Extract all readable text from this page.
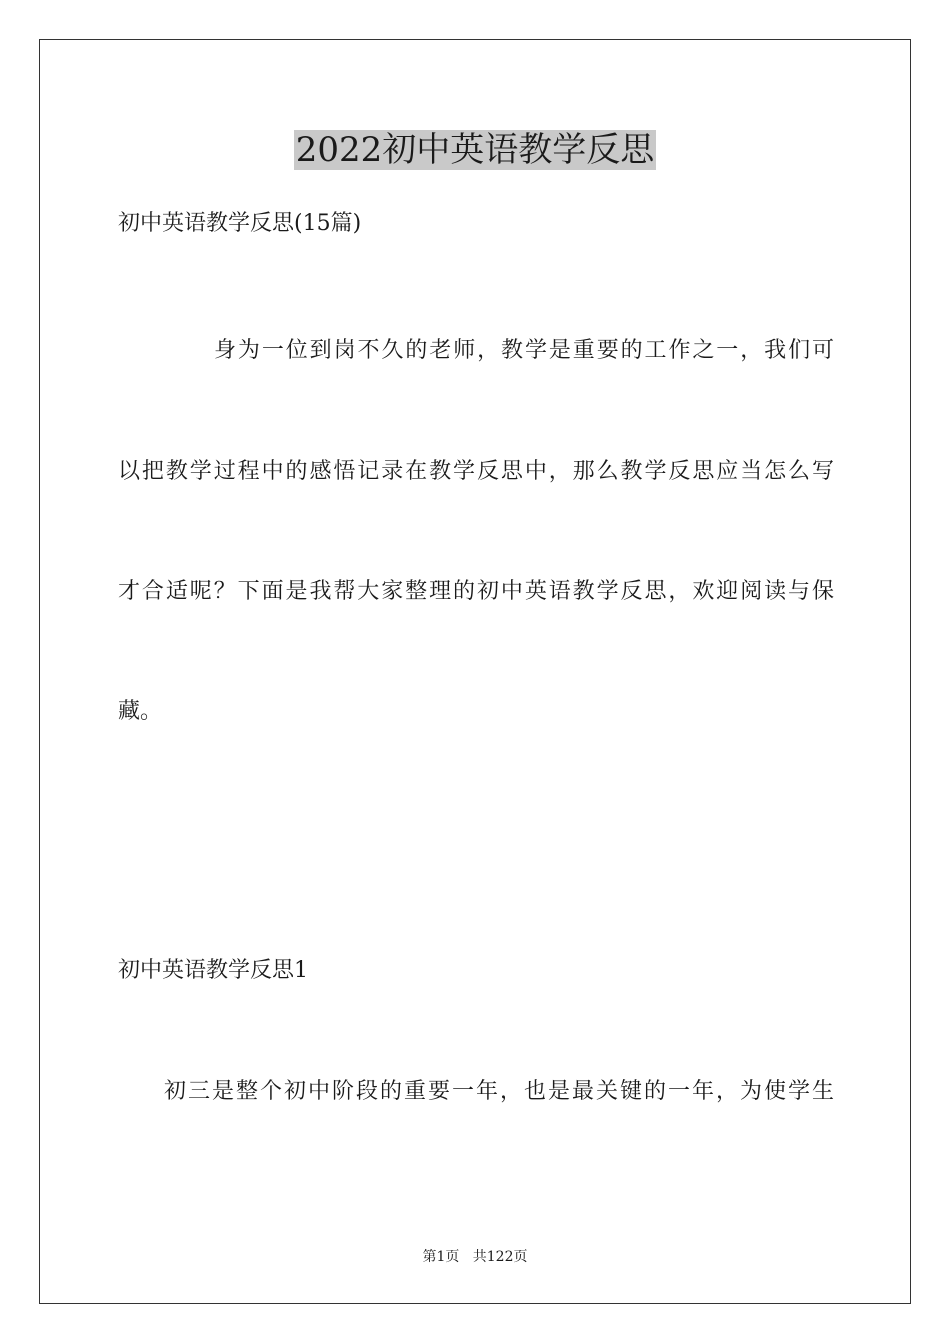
2022初中英语教学反思

初中英语教学反思(15篇)

身为一位到岗不久的老师，教学是重要的工作之一，我们可

以把教学过程中的感悟记录在教学反思中，那么教学反思应当怎么写

才合适呢？下面是我帮大家整理的初中英语教学反思，欢迎阅读与保

藏。

初中英语教学反思1

初三是整个初中阶段的重要一年，也是最关键的一年，为使学生

第1页 共122页
